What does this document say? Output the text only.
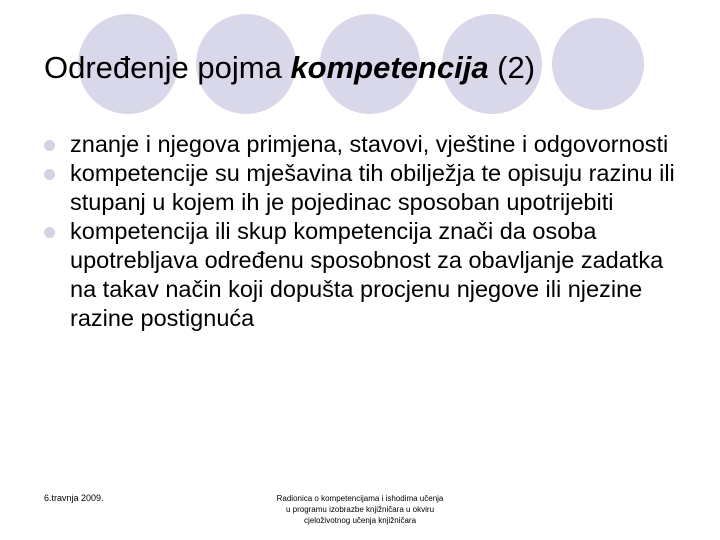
Određenje pojma kompetencija (2)
znanje i njegova primjena, stavovi, vještine i odgovornosti
kompetencije su mješavina tih obilježja te opisuju razinu ili stupanj u kojem ih je pojedinac sposoban upotrijebiti
kompetencija ili skup kompetencija znači da osoba upotrebljava određenu sposobnost za obavljanje zadatka na takav način koji dopušta procjenu njegove ili njezine razine postignuća
6.travnja 2009.	Radionica o kompetencijama i ishodima učenja
u programu izobrazbe knjižničara u okviru
cjeloživotnog učenja knjižničara
